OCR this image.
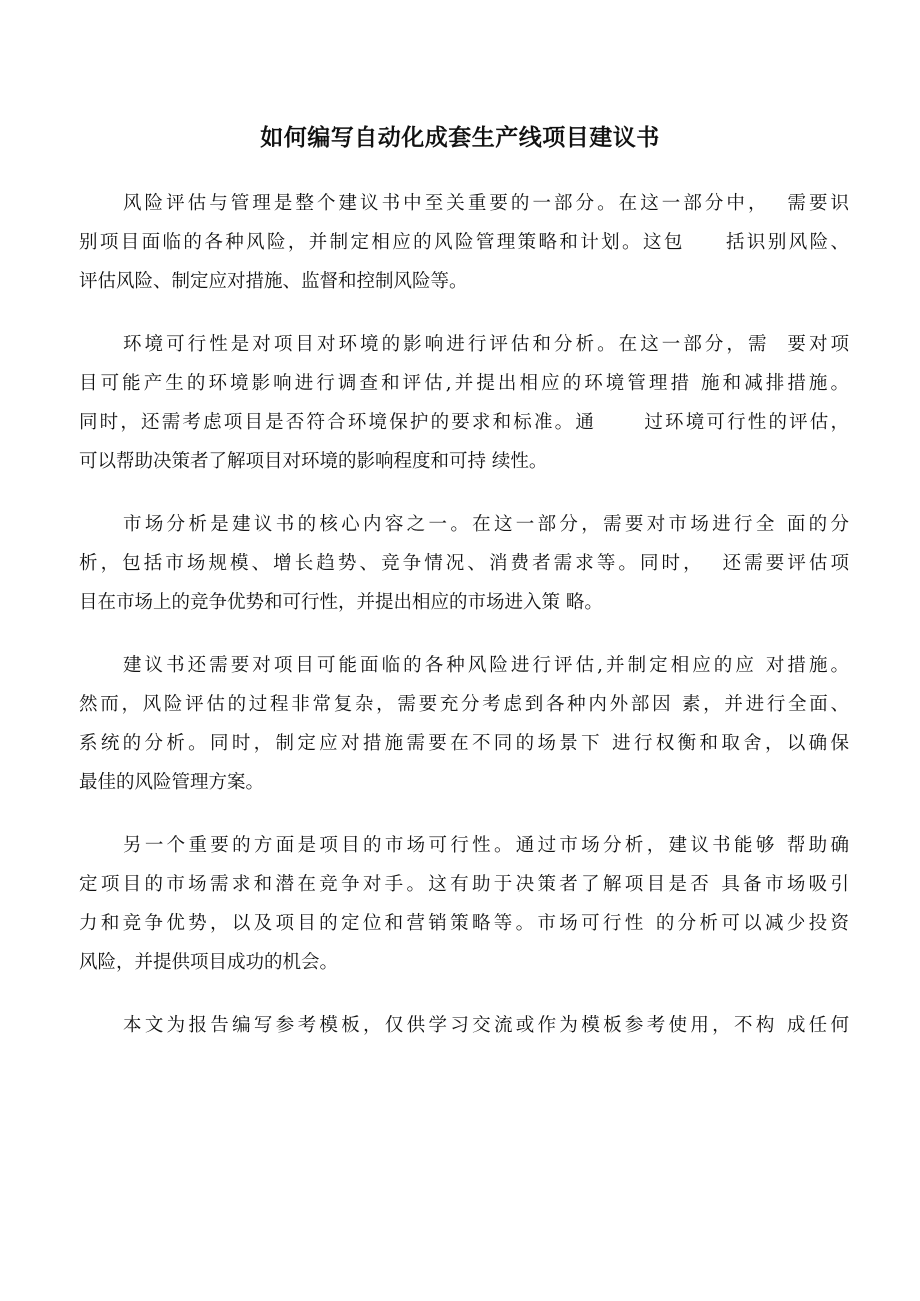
如何编写自动化成套生产线项目建议书

风险评估与管理是整个建议书中至关重要的一部分。在这一部分中，  需要识
别项目面临的各种风险，并制定相应的风险管理策略和计划。这包     括识别风险、
评估风险、制定应对措施、监督和控制风险等。

环境可行性是对项目对环境的影响进行评估和分析。在这一部分，需  要对项
目可能产生的环境影响进行调查和评估,并提出相应的环境管理措 施和减排措施。
同时，还需考虑项目是否符合环境保护的要求和标准。通      过环境可行性的评估，
可以帮助决策者了解项目对环境的影响程度和可持 续性。

市场分析是建议书的核心内容之一。在这一部分，需要对市场进行全 面的分
析，包括市场规模、增长趋势、竞争情况、消费者需求等。同时，  还需要评估项
目在市场上的竞争优势和可行性，并提出相应的市场进入策 略。

建议书还需要对项目可能面临的各种风险进行评估,并制定相应的应 对措施。
然而，风险评估的过程非常复杂，需要充分考虑到各种内外部因 素，并进行全面、
系统的分析。同时，制定应对措施需要在不同的场景下 进行权衡和取舍，以确保
最佳的风险管理方案。

另一个重要的方面是项目的市场可行性。通过市场分析，建议书能够 帮助确
定项目的市场需求和潜在竞争对手。这有助于决策者了解项目是否 具备市场吸引
力和竞争优势，以及项目的定位和营销策略等。市场可行性 的分析可以减少投资
风险，并提供项目成功的机会。

本文为报告编写参考模板，仅供学习交流或作为模板参考使用，不构 成任何
